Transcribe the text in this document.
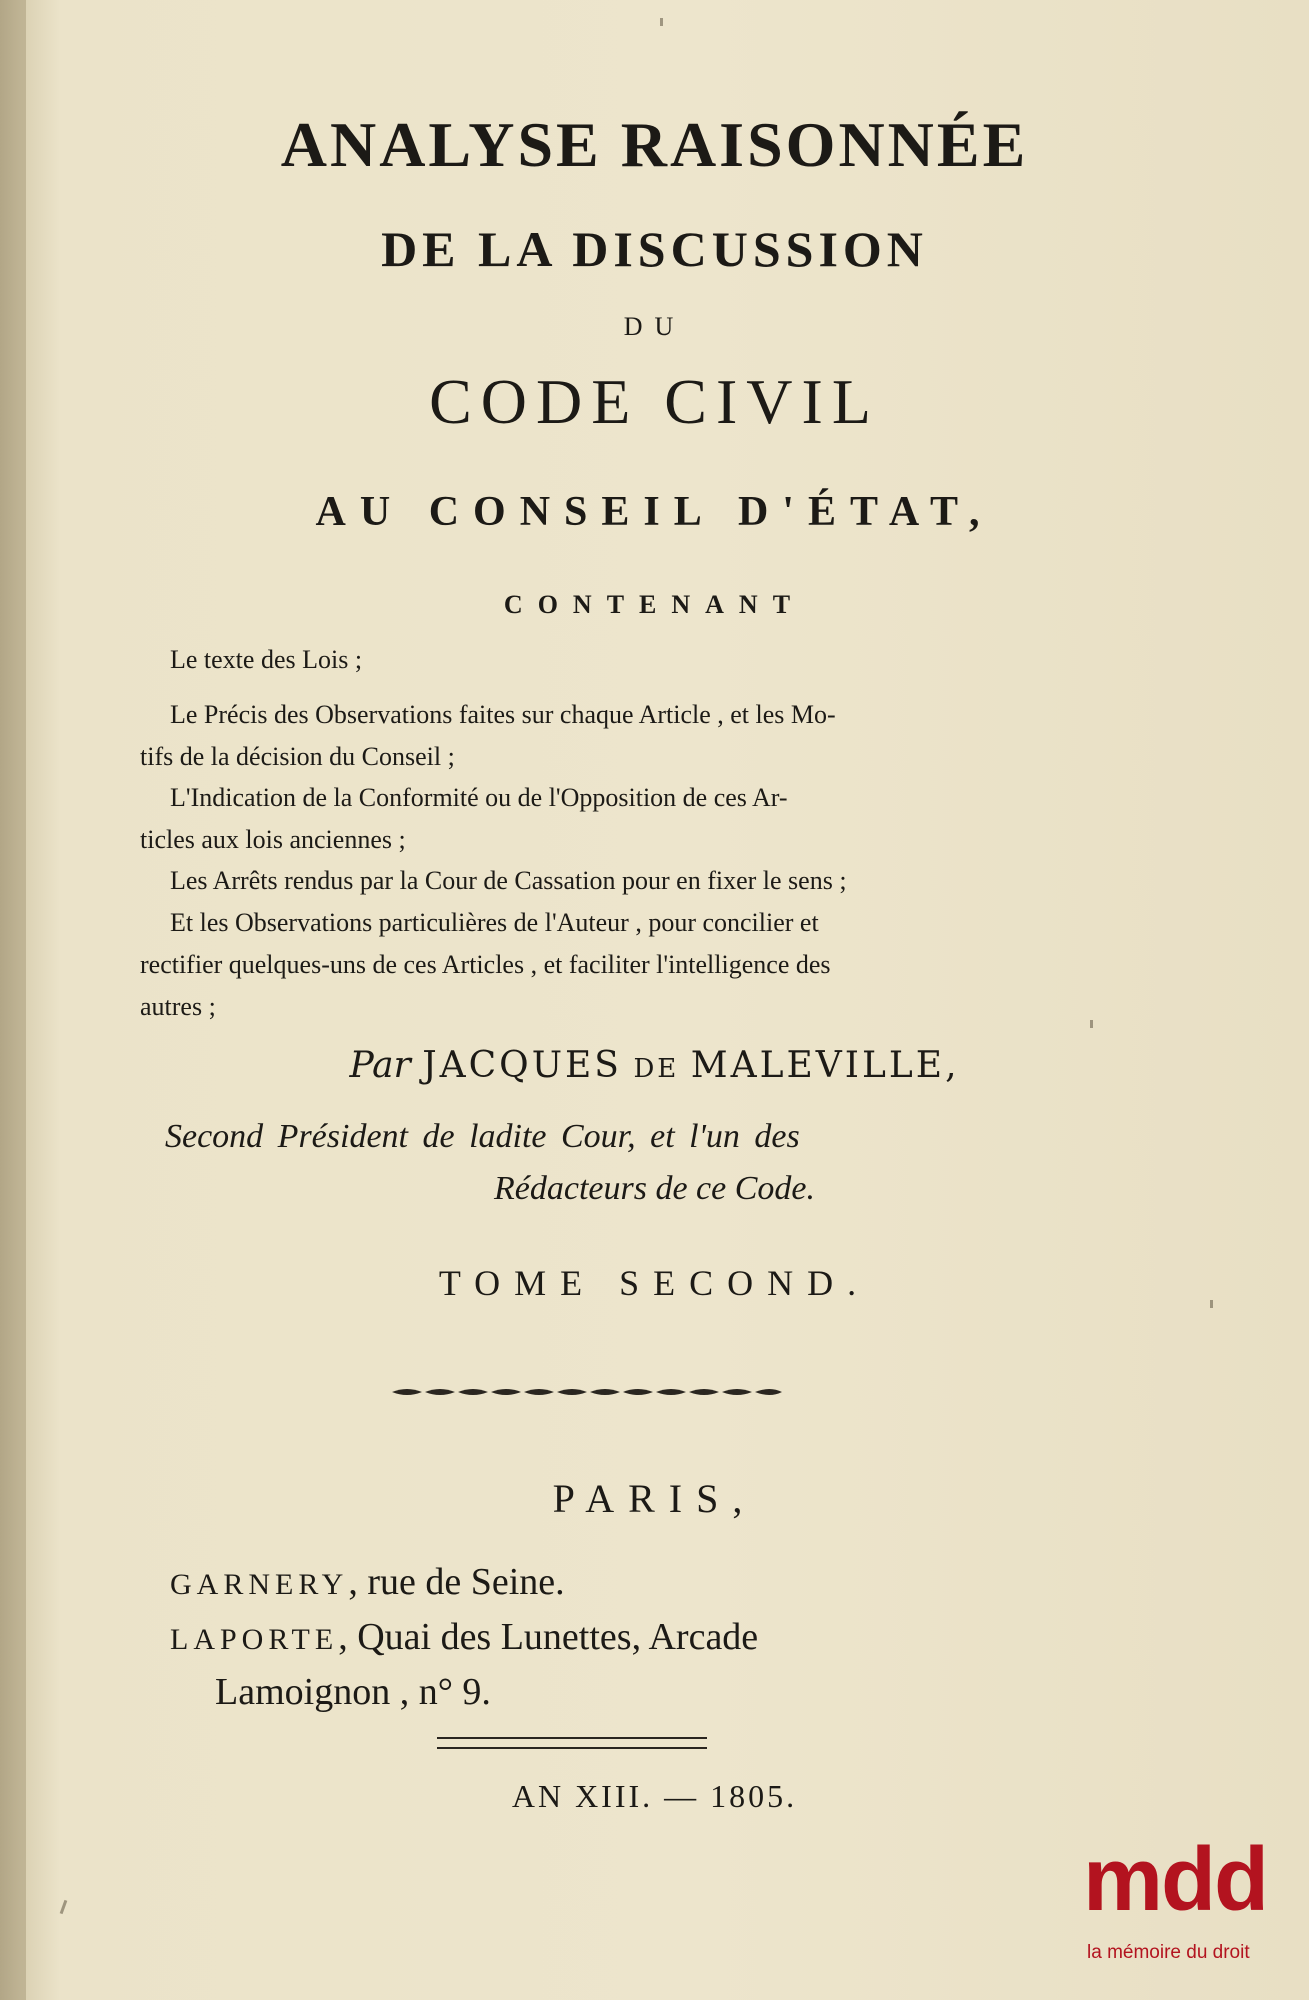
ANALYSE RAISONNÉE
DE LA DISCUSSION
DU
CODE CIVIL
AU CONSEIL D'ÉTAT,
CONTENANT
Le texte des Lois ;
Le Précis des Observations faites sur chaque Article , et les Mo-
tifs de la décision du Conseil ;
L'Indication de la Conformité ou de l'Opposition de ces Ar-
ticles aux lois anciennes ;
Les Arrêts rendus par la Cour de Cassation pour en fixer le sens ;
Et les Observations particulières de l'Auteur , pour concilier et
rectifier quelques-uns de ces Articles , et faciliter l'intelligence des
autres ;
Par JACQUES DE MALEVILLE,
Second Président de ladite Cour, et l'un des
Rédacteurs de ce Code.
TOME SECOND.
PARIS,
GARNERY, rue de Seine.
LAPORTE, Quai des Lunettes, Arcade
Lamoignon , n° 9.
AN XIII. — 1805.
mdd
la mémoire du droit
